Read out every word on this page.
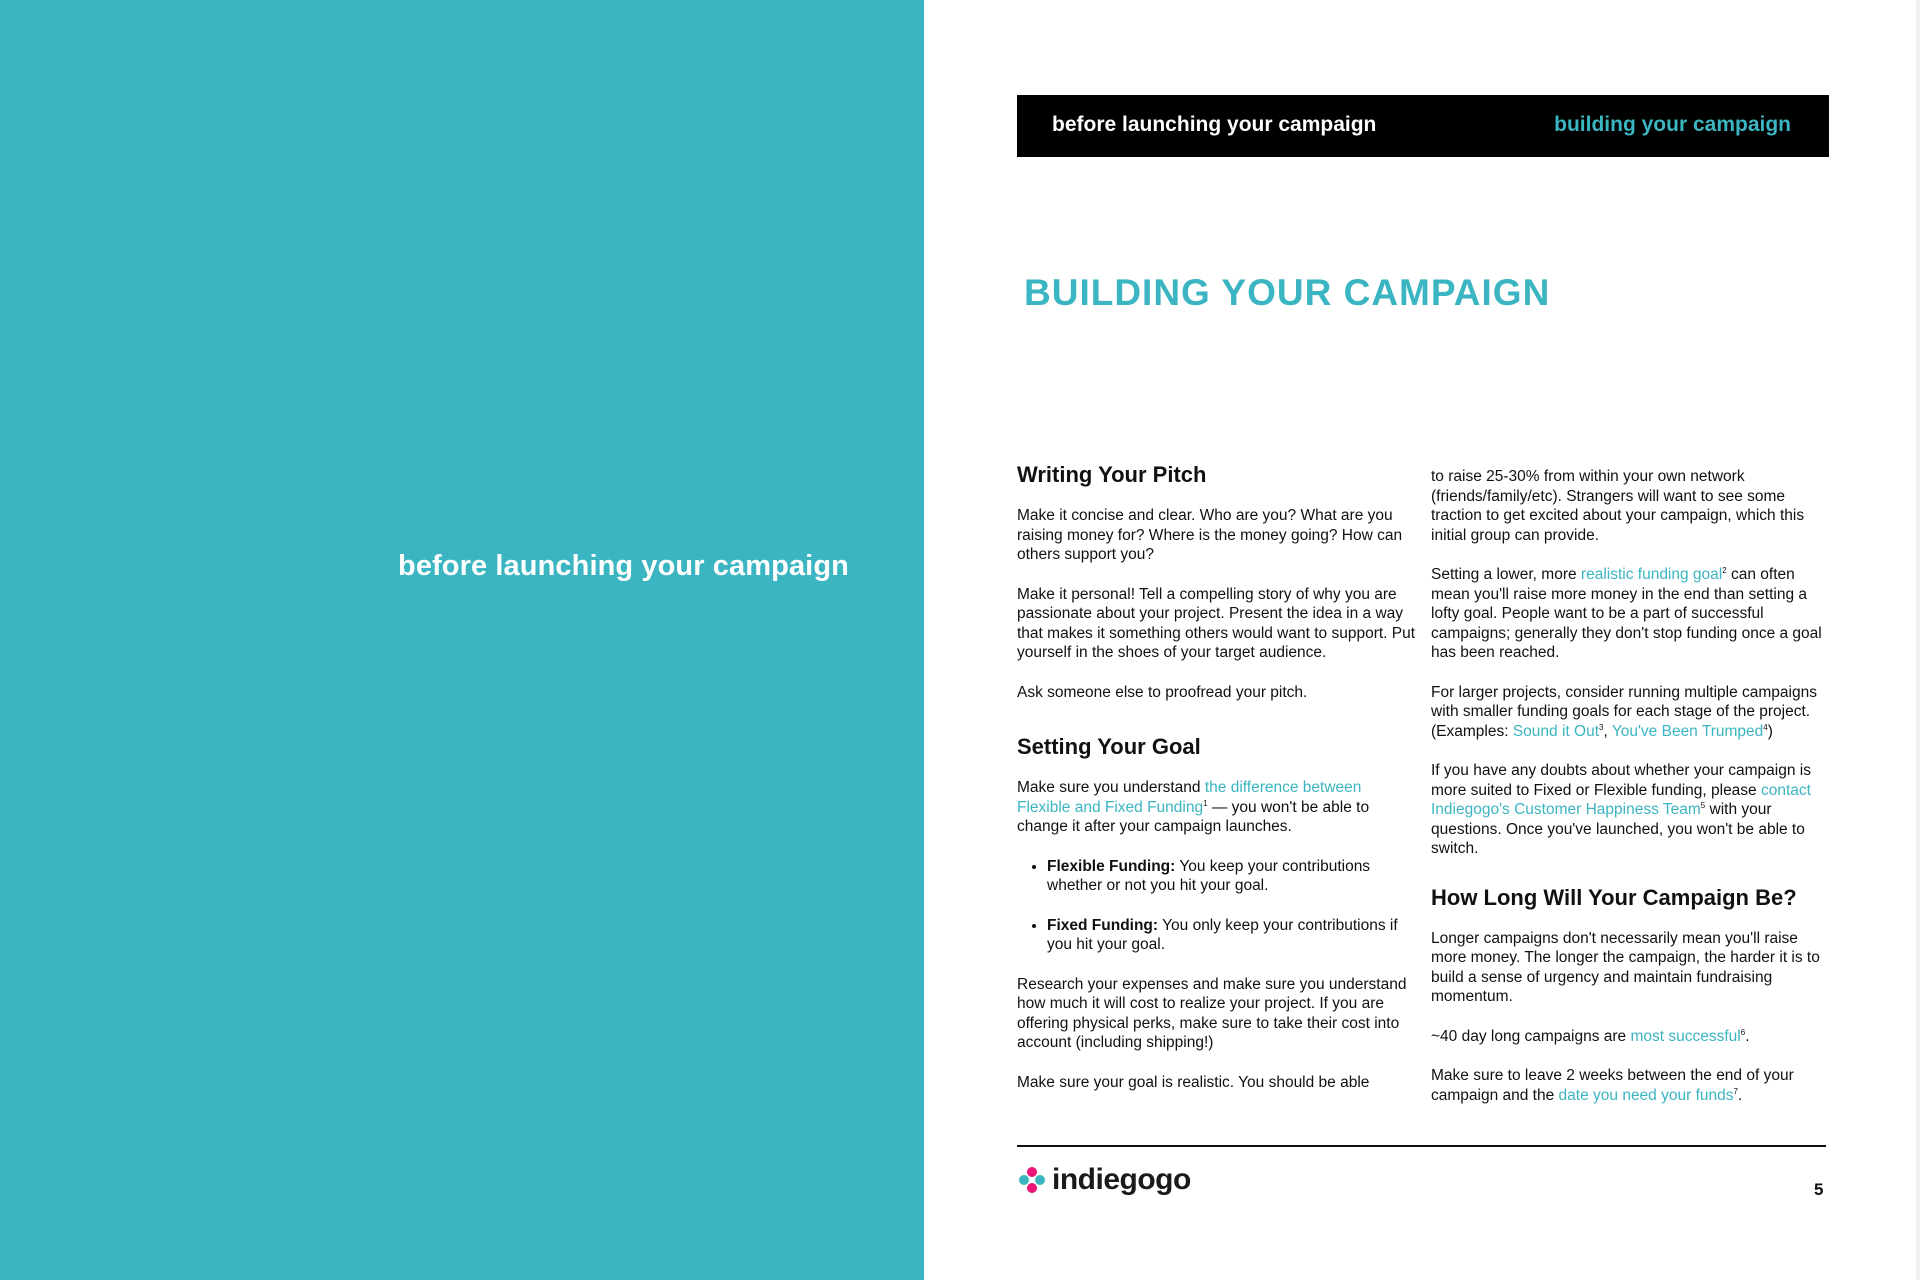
before launching your campaign
before launching your campaign	building your campaign
BUILDING YOUR CAMPAIGN
Writing Your Pitch

Make it concise and clear. Who are you? What are you raising money for? Where is the money going? How can others support you?

Make it personal! Tell a compelling story of why you are passionate about your project. Present the idea in a way that makes it something others would want to support. Put yourself in the shoes of your target audience.

Ask someone else to proofread your pitch.

Setting Your Goal

Make sure you understand the difference between Flexible and Fixed Funding$^1$ — you won't be able to change it after your campaign launches.

• Flexible Funding: You keep your contributions whether or not you hit your goal.
• Fixed Funding: You only keep your contributions if you hit your goal.

Research your expenses and make sure you understand how much it will cost to realize your project. If you are offering physical perks, make sure to take their cost into account (including shipping!)

Make sure your goal is realistic. You should be able

to raise 25-30% from within your own network (friends/family/etc). Strangers will want to see some traction to get excited about your campaign, which this initial group can provide.

Setting a lower, more realistic funding goal$^2$ can often mean you'll raise more money in the end than setting a lofty goal. People want to be a part of successful campaigns; generally they don't stop funding once a goal has been reached.

For larger projects, consider running multiple campaigns with smaller funding goals for each stage of the project. (Examples: Sound it Out$^3$, You've Been Trumped$^4$)

If you have any doubts about whether your campaign is more suited to Fixed or Flexible funding, please contact Indiegogo's Customer Happiness Team$^5$ with your questions. Once you've launched, you won't be able to switch.

How Long Will Your Campaign Be?

Longer campaigns don't necessarily mean you'll raise more money. The longer the campaign, the harder it is to build a sense of urgency and maintain fundraising momentum.

~40 day long campaigns are most successful$^6$.

Make sure to leave 2 weeks between the end of your campaign and the date you need your funds$^7$.

indiegogo	5
